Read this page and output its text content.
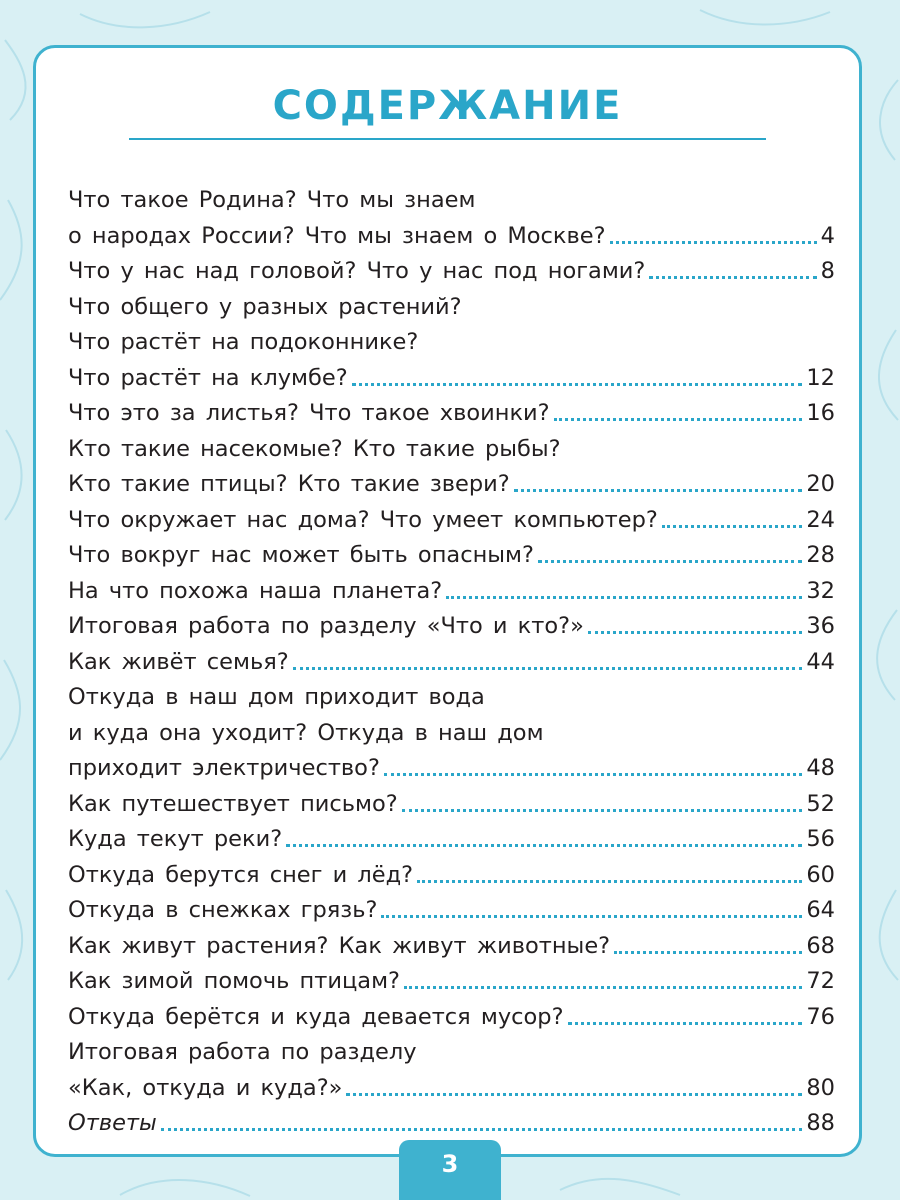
СОДЕРЖАНИЕ
Что такое Родина? Что мы знаем
о народах России? Что мы знаем о Москве?	4
Что у нас над головой? Что у нас под ногами?	8
Что общего у разных растений?
Что растёт на подоконнике?
Что растёт на клумбе?	12
Что это за листья? Что такое хвоинки?	16
Кто такие насекомые? Кто такие рыбы?
Кто такие птицы? Кто такие звери?	20
Что окружает нас дома? Что умеет компьютер?	24
Что вокруг нас может быть опасным?	28
На что похожа наша планета?	32
Итоговая работа по разделу «Что и кто?»	36
Как живёт семья?	44
Откуда в наш дом приходит вода
и куда она уходит? Откуда в наш дом
приходит электричество?	48
Как путешествует письмо?	52
Куда текут реки?	56
Откуда берутся снег и лёд?	60
Откуда в снежках грязь?	64
Как живут растения? Как живут животные?	68
Как зимой помочь птицам?	72
Откуда берётся и куда девается мусор?	76
Итоговая работа по разделу
«Как, откуда и куда?»	80
Ответы	88
3
